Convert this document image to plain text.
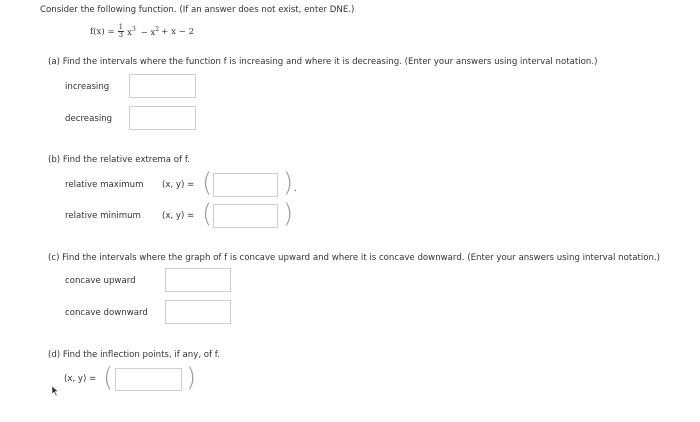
Consider the following function. (If an answer does not exist, enter DNE.)
$f(x) = \frac{1}{3} x^3 - x^2 + x - 2$
(a) Find the intervals where the function f is increasing and where it is decreasing. (Enter your answers using interval notation.)
increasing
decreasing
(b) Find the relative extrema of f.
relative maximum (x, y) = (	) .
relative minimum (x, y) = (	)
(c) Find the intervals where the graph of f is concave upward and where it is concave downward. (Enter your answers using interval notation.)
concave upward
concave downward
(d) Find the inflection points, if any, of f.
(x, y) = (	)
